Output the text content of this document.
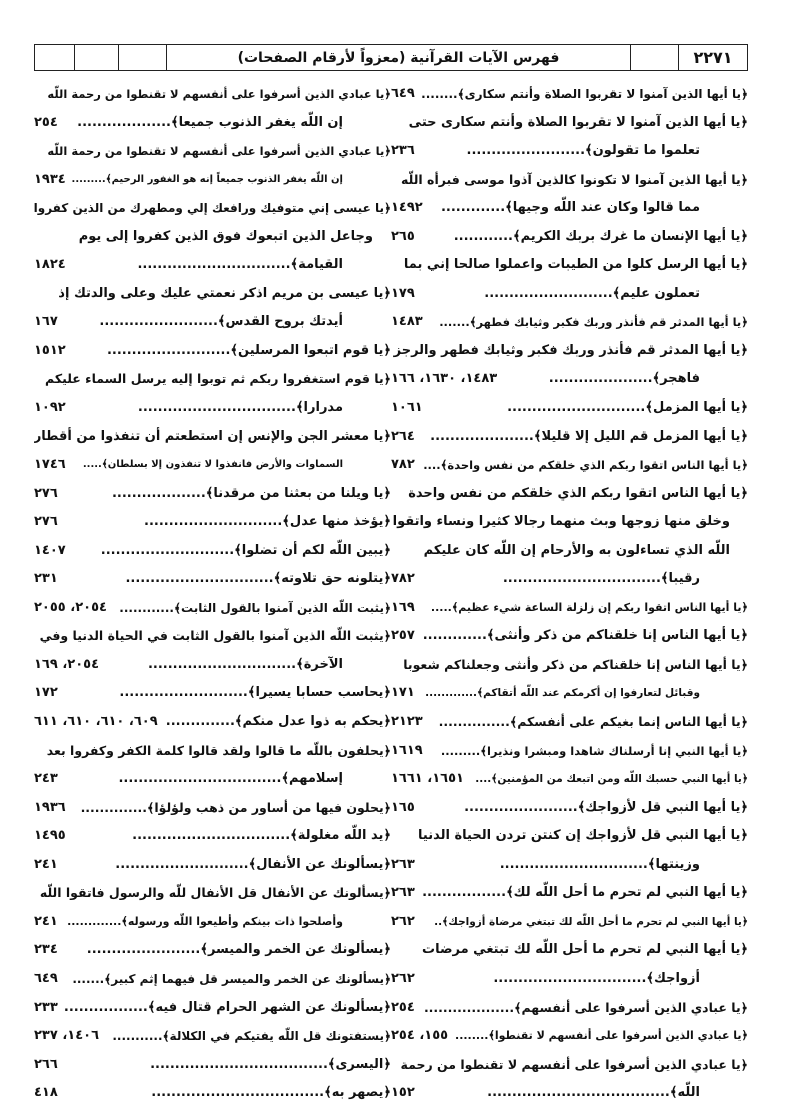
فهرس الآيات القرآنية (معزواً لأرقام الصفحات)	٢٢٧١
﴿يا أيها الذين آمنوا لا تقربوا الصلاة وأنتم سكارى﴾........
٦٤٩
﴿يا أيها الذين آمنوا لا تقربوا الصلاة وأنتم سكارى حتى
تعلموا ما تقولون﴾........................
٢٣٦
﴿يا أيها الذين آمنوا لا تكونوا كالذين آذوا موسى فبرأه اللّه
مما قالوا وكان عند اللّه وجيها﴾.............
١٤٩٢
﴿يا أيها الإنسان ما غرك بربك الكريم﴾............
٢٦٥
﴿يا أيها الرسل كلوا من الطيبات واعملوا صالحا إني بما
تعملون عليم﴾..........................
١٧٩
﴿يا أيها المدثر قم فأنذر وربك فكبر وثيابك فطهر﴾.......
١٤٨٣
﴿يا أيها المدثر قم فأنذر وربك فكبر وثيابك فطهر والرجز
فاهجر﴾.....................
١٤٨٣، ١٦٣٠، ١٦٦
﴿يا أيها المزمل﴾............................
١٠٦١
﴿يا أيها المزمل قم الليل إلا قليلا﴾.....................
٢٦٤
﴿يا أيها الناس اتقوا ربكم الذي خلقكم من نفس واحدة﴾....
٧٨٢
﴿يا أيها الناس اتقوا ربكم الذي خلقكم من نفس واحدة
وخلق منها زوجها وبث منهما رجالا كثيرا ونساء واتقوا
اللّه الذي تساءلون به والأرحام إن اللّه كان عليكم
رقيبا﴾................................
٧٨٢
﴿يا أيها الناس اتقوا ربكم إن زلزلة الساعة شيء عظيم﴾.....
١٦٩
﴿يا أيها الناس إنا خلقناكم من ذكر وأنثى﴾.............
٢٥٧
﴿يا أيها الناس إنا خلقناكم من ذكر وأنثى وجعلناكم شعوبا
وقبائل لتعارفوا إن أكرمكم عند اللّه أتقاكم﴾.............
١٧١
﴿يا أيها الناس إنما بغيكم على أنفسكم﴾...............
٢١٢٣
﴿يا أيها النبي إنا أرسلناك شاهدا ومبشرا ونذيرا﴾.........
١٦١٩
﴿يا أيها النبي حسبك اللّه ومن اتبعك من المؤمنين﴾....
١٦٥١، ١٦٦١
﴿يا أيها النبي قل لأزواجك﴾.......................
١٦٥
﴿يا أيها النبي قل لأزواجك إن كنتن تردن الحياة الدنيا
وزينتها﴾..............................
٢٦٣
﴿يا أيها النبي لم تحرم ما أحل اللّه لك﴾.................
٢٦٣
﴿يا أيها النبي لم تحرم ما أحل اللّه لك تبتغي مرضاة أزواجك﴾..
٢٦٢
﴿يا أيها النبي لم تحرم ما أحل اللّه لك تبتغي مرضات
أزواجك﴾...............................
٢٦٢
﴿يا عبادي الذين أسرفوا على أنفسهم﴾...................
٢٥٤
﴿يا عبادي الذين أسرفوا على أنفسهم لا تقنطوا﴾........
١٥٥، ٢٥٤
﴿يا عبادي الذين أسرفوا على أنفسهم لا تقنطوا من رحمة
اللّه﴾.....................................
١٥٢
﴿يا عبادي الذين أسرفوا على أنفسهم لا تقنطوا من رحمة اللّه
إن اللّه يغفر الذنوب جميعا﴾...................
٢٥٤
﴿يا عبادي الذين أسرفوا على أنفسهم لا تقنطوا من رحمة اللّه
إن اللّه يغفر الذنوب جميعاً إنه هو الغفور الرحيم﴾.........
١٩٣٤
﴿يا عيسى إني متوفيك ورافعك إلي ومطهرك من الذين كفروا
وجاعل الذين اتبعوك فوق الذين كفروا إلى يوم
القيامة﴾...............................
١٨٢٤
﴿يا عيسى بن مريم اذكر نعمتي عليك وعلى والدتك إذ
أيدتك بروح القدس﴾........................
١٦٧
﴿يا قوم اتبعوا المرسلين﴾.........................
١٥١٢
﴿يا قوم استغفروا ربكم ثم توبوا إليه يرسل السماء عليكم
مدرارا﴾................................
١٠٩٢
﴿يا معشر الجن والإنس إن استطعتم أن تنفذوا من أقطار
السماوات والأرض فانفذوا لا تنفذون إلا بسلطان﴾.....
١٧٤٦
﴿يا ويلنا من بعثنا من مرقدنا﴾...................
٢٧٦
﴿يؤخذ منها عدل﴾............................
٢٧٦
﴿يبين اللّه لكم أن تضلوا﴾...........................
١٤٠٧
﴿يتلونه حق تلاوته﴾..............................
٢٣١
﴿يثبت اللّه الذين آمنوا بالقول الثابت﴾............
٢٠٥٤، ٢٠٥٥
﴿يثبت اللّه الذين آمنوا بالقول الثابت في الحياة الدنيا وفي
الآخرة﴾..............................
٢٠٥٤، ١٦٩
﴿يحاسب حسابا يسيرا﴾..........................
١٧٢
﴿يحكم به ذوا عدل منكم﴾..............
٦٠٩، ٦١٠، ٦١٠، ٦١١
﴿يحلفون باللّه ما قالوا ولقد قالوا كلمة الكفر وكفروا بعد
إسلامهم﴾.................................
٢٤٣
﴿يحلون فيها من أساور من ذهب ولؤلؤا﴾..............
١٩٣٦
﴿يد اللّه مغلولة﴾................................
١٤٩٥
﴿يسألونك عن الأنفال﴾...........................
٢٤١
﴿يسألونك عن الأنفال قل الأنفال للّه والرسول فاتقوا اللّه
وأصلحوا ذات بينكم وأطيعوا اللّه ورسوله﴾.............
٢٤١
﴿يسألونك عن الخمر والميسر﴾.......................
٢٣٤
﴿يسألونك عن الخمر والميسر قل فيهما إثم كبير﴾.......
٦٤٩
﴿يسألونك عن الشهر الحرام قتال فيه﴾.................
٢٣٣
﴿يستفتونك قل اللّه يفتيكم في الكلالة﴾...........
١٤٠٦، ٢٣٧
﴿اليسرى﴾....................................
٢٦٦
﴿يصهر به﴾...................................
٤١٨
